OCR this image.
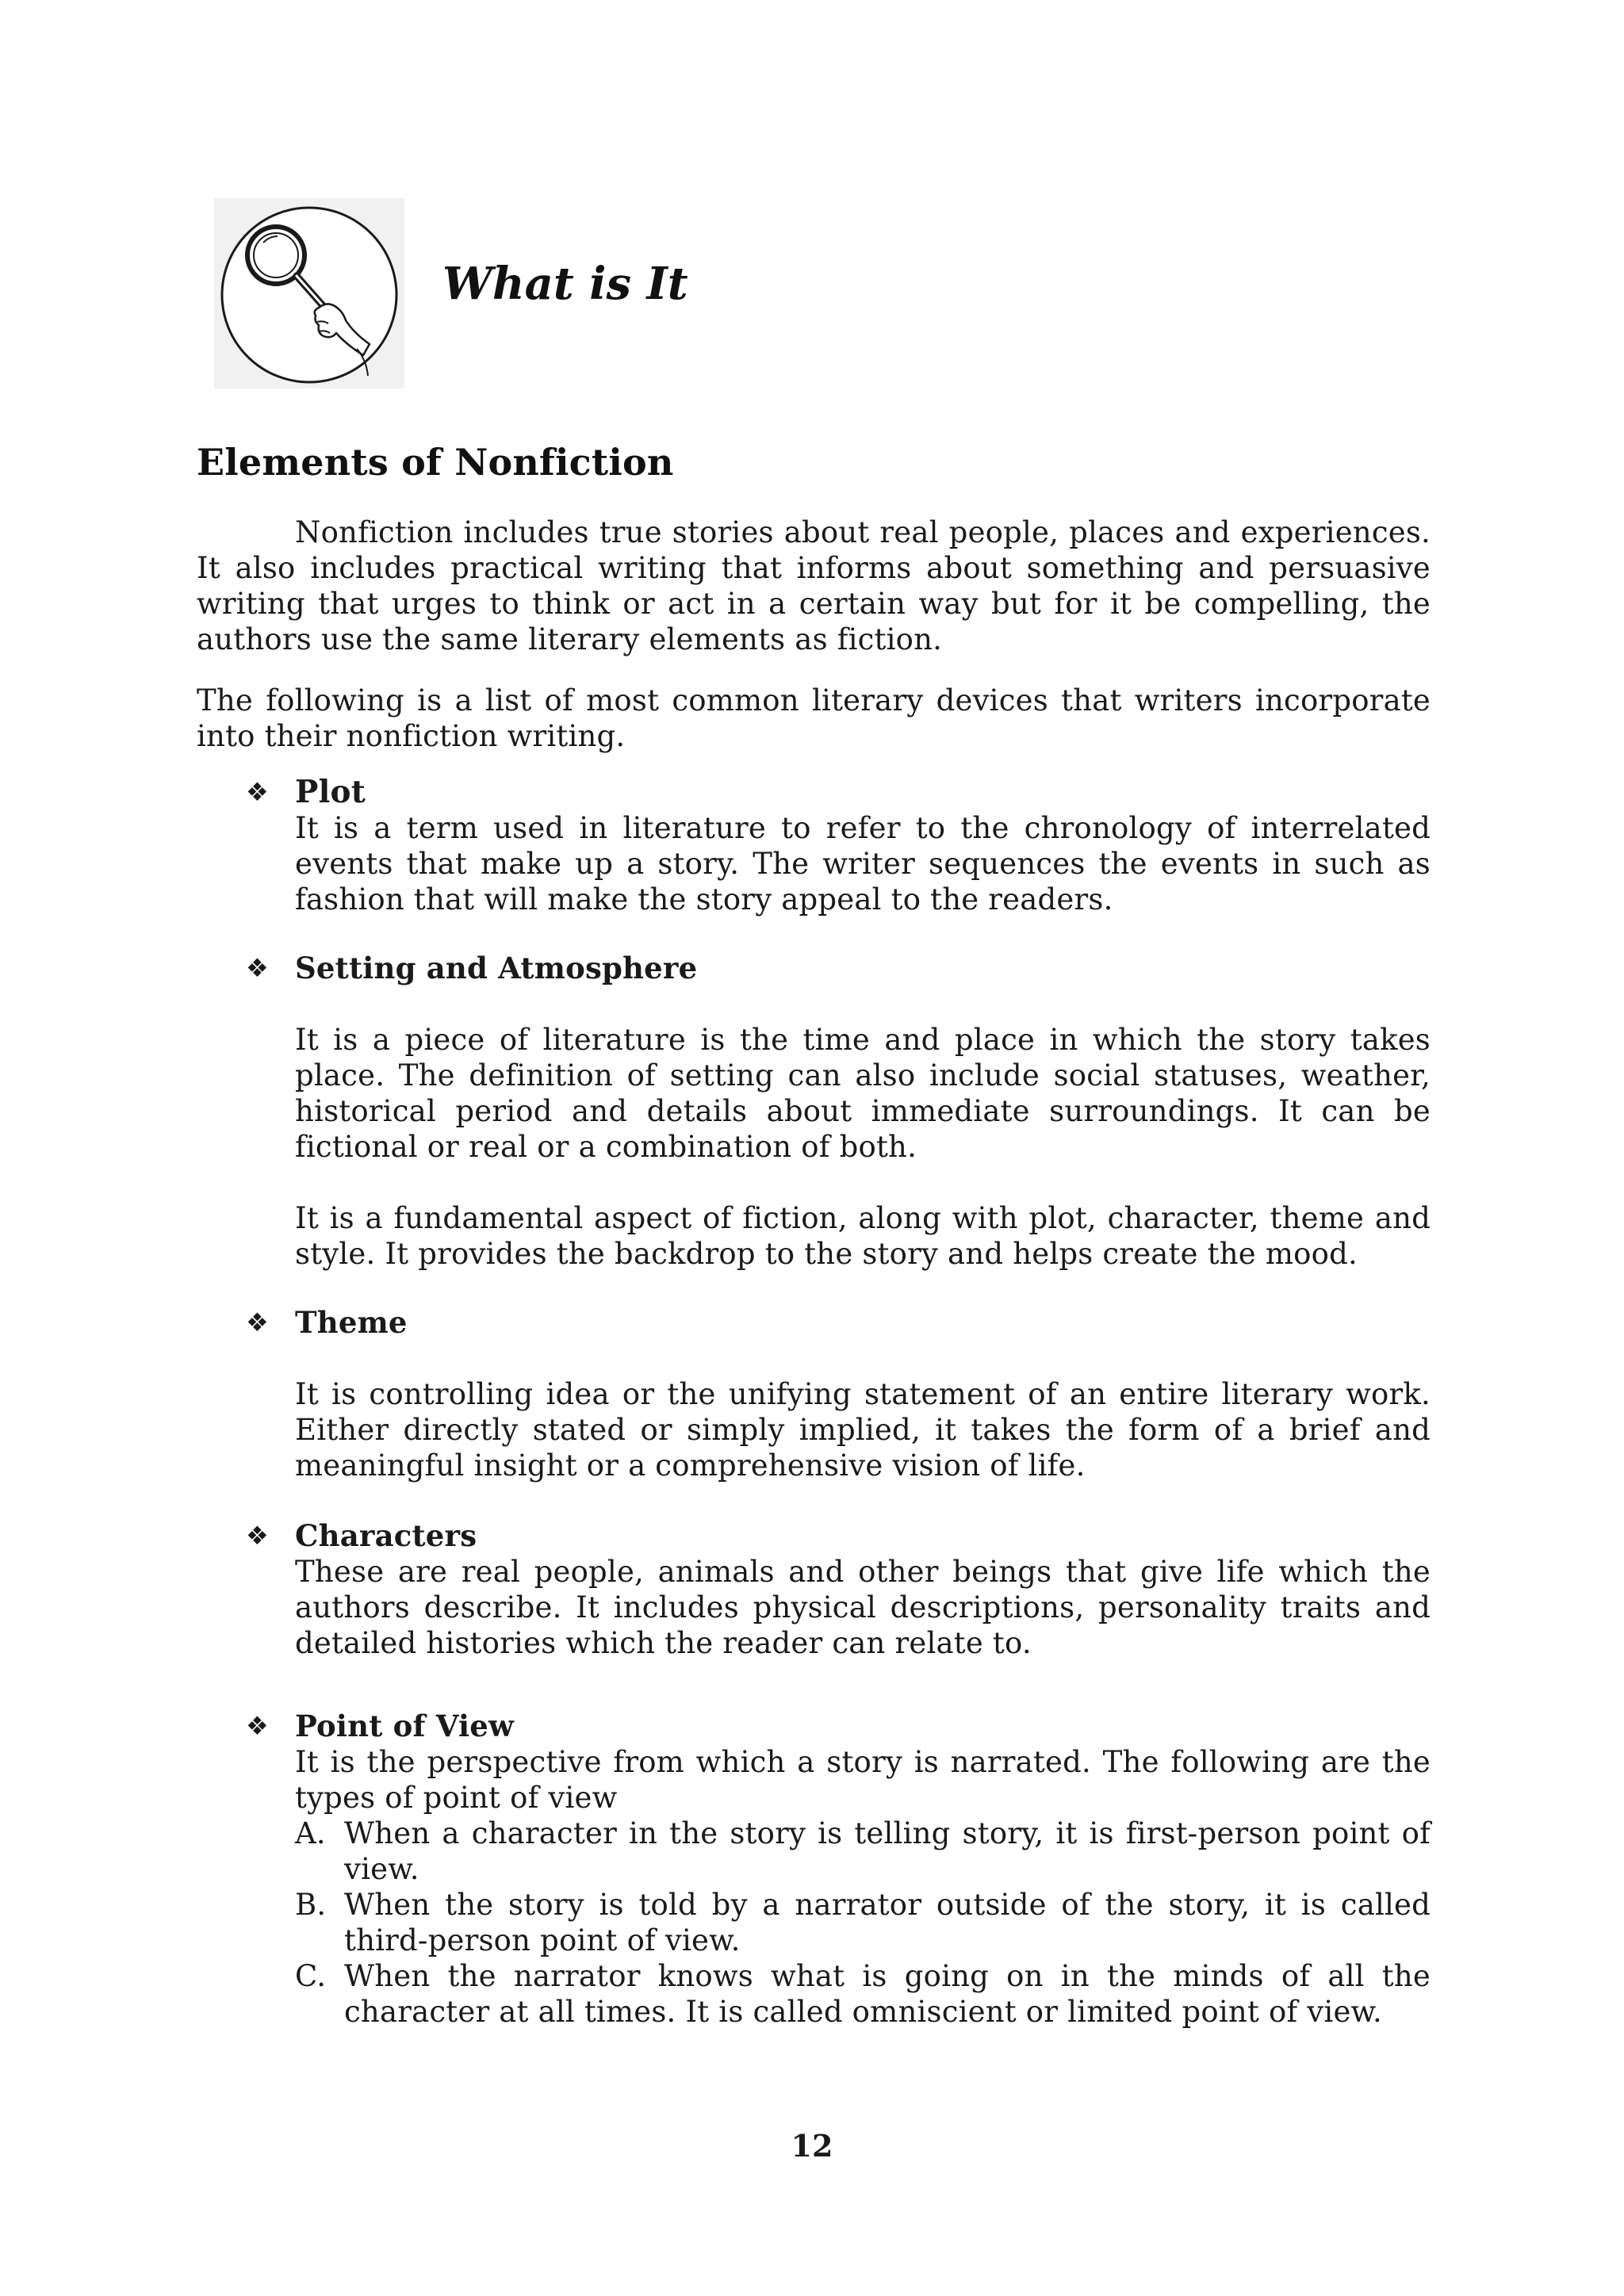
What is It
Elements of Nonfiction

Nonfiction includes true stories about real people, places and experiences. It also includes practical writing that informs about something and persuasive writing that urges to think or act in a certain way but for it be compelling, the authors use the same literary elements as fiction.

The following is a list of most common literary devices that writers incorporate into their nonfiction writing.

❖ Plot

It is a term used in literature to refer to the chronology of interrelated events that make up a story. The writer sequences the events in such as fashion that will make the story appeal to the readers.

❖ Setting and Atmosphere

It is a piece of literature is the time and place in which the story takes place. The definition of setting can also include social statuses, weather, historical period and details about immediate surroundings. It can be fictional or real or a combination of both.

It is a fundamental aspect of fiction, along with plot, character, theme and style. It provides the backdrop to the story and helps create the mood.

❖ Theme

It is controlling idea or the unifying statement of an entire literary work. Either directly stated or simply implied, it takes the form of a brief and meaningful insight or a comprehensive vision of life.

❖ Characters

These are real people, animals and other beings that give life which the authors describe. It includes physical descriptions, personality traits and detailed histories which the reader can relate to.

❖ Point of View

It is the perspective from which a story is narrated. The following are the types of point of view

A. When a character in the story is telling story, it is first-person point of view.
B. When the story is told by a narrator outside of the story, it is called third-person point of view.
C. When the narrator knows what is going on in the minds of all the character at all times. It is called omniscient or limited point of view.
12
